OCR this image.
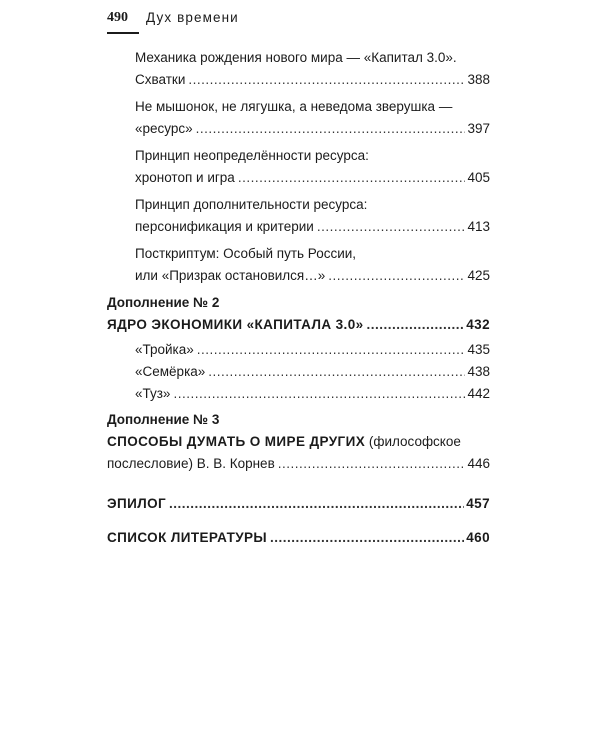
490 Дух времени
Механика рождения нового мира — «Капитал 3.0».
Схватки .....	388
Не мышонок, не лягушка, а неведома зверушка —
«ресурс» .....	397
Принцип неопределённости ресурса:
хронотоп и игра .....	405
Принцип дополнительности ресурса:
персонификация и критерии .....	413
Посткриптум: Особый путь России,
или «Призрак остановился…» .....	425
Дополнение № 2
ЯДРО ЭКОНОМИКИ «КАПИТАЛА 3.0» .....	432
«Тройка» .....	435
«Семёрка» .....	438
«Туз» .....	442
Дополнение № 3
СПОСОБЫ ДУМАТЬ О МИРЕ ДРУГИХ (философское
послесловие) В. В. Корнев .....	446
ЭПИЛОГ .....	457
СПИСОК ЛИТЕРАТУРЫ .....	460
